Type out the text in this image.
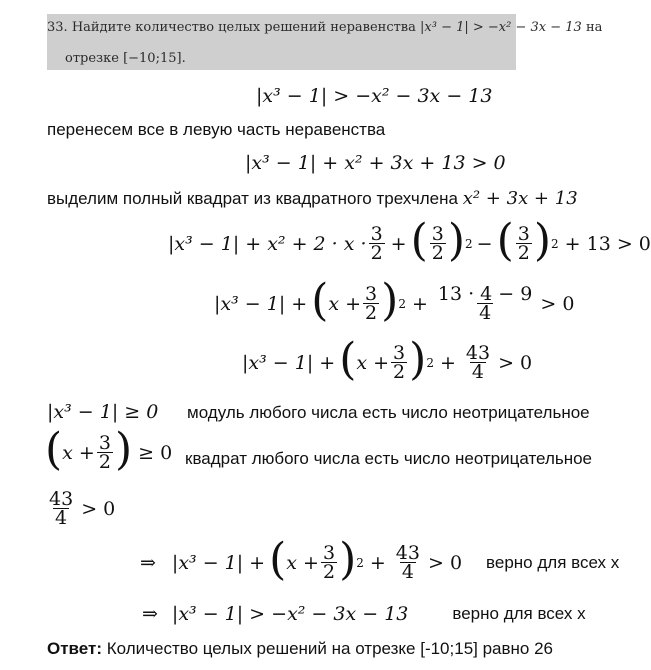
33. Найдите количество целых решений неравенства |x³ − 1| > −x² − 3x − 13 на
отрезке [−10;15].
|x³ − 1| > −x² − 3x − 13
перенесем все в левую часть неравенства
|x³ − 1| + x² + 3x + 13 > 0
выделим полный квадрат из квадратного трехчлена x² + 3x + 13
$|x^3 - 1| + x^2 + 2 \cdot x \cdot \frac{3}{2}$ + ( $\frac{3}{2}$ ) 2 − ( $\frac{3}{2}$ ) 2 + 13 > 0
|x³ − 1| + ( $x + \frac{3}{2}$ ) $2 + \frac{13 \cdot 4 - 9}{4} > 0$
|x³ − 1| + ( $x + \frac{3}{2}$ ) $2 + \frac{43}{4} > 0$
|x³ − 1| ≥ 0 модуль любого числа есть число неотрицательное
( $x + \frac{3}{2}$ ) ≥ 0 квадрат любого числа есть число неотрицательное
$\frac{43}{4} > 0$
⇒ |x³ − 1| + ( $x + \frac{3}{2}$ ) $2 + \frac{43}{4} > 0$ верно для всех x
⇒ |x³ − 1| > −x² − 3x − 13	верно для всех x
Ответ: Количество целых решений на отрезке [-10;15] равно 26
